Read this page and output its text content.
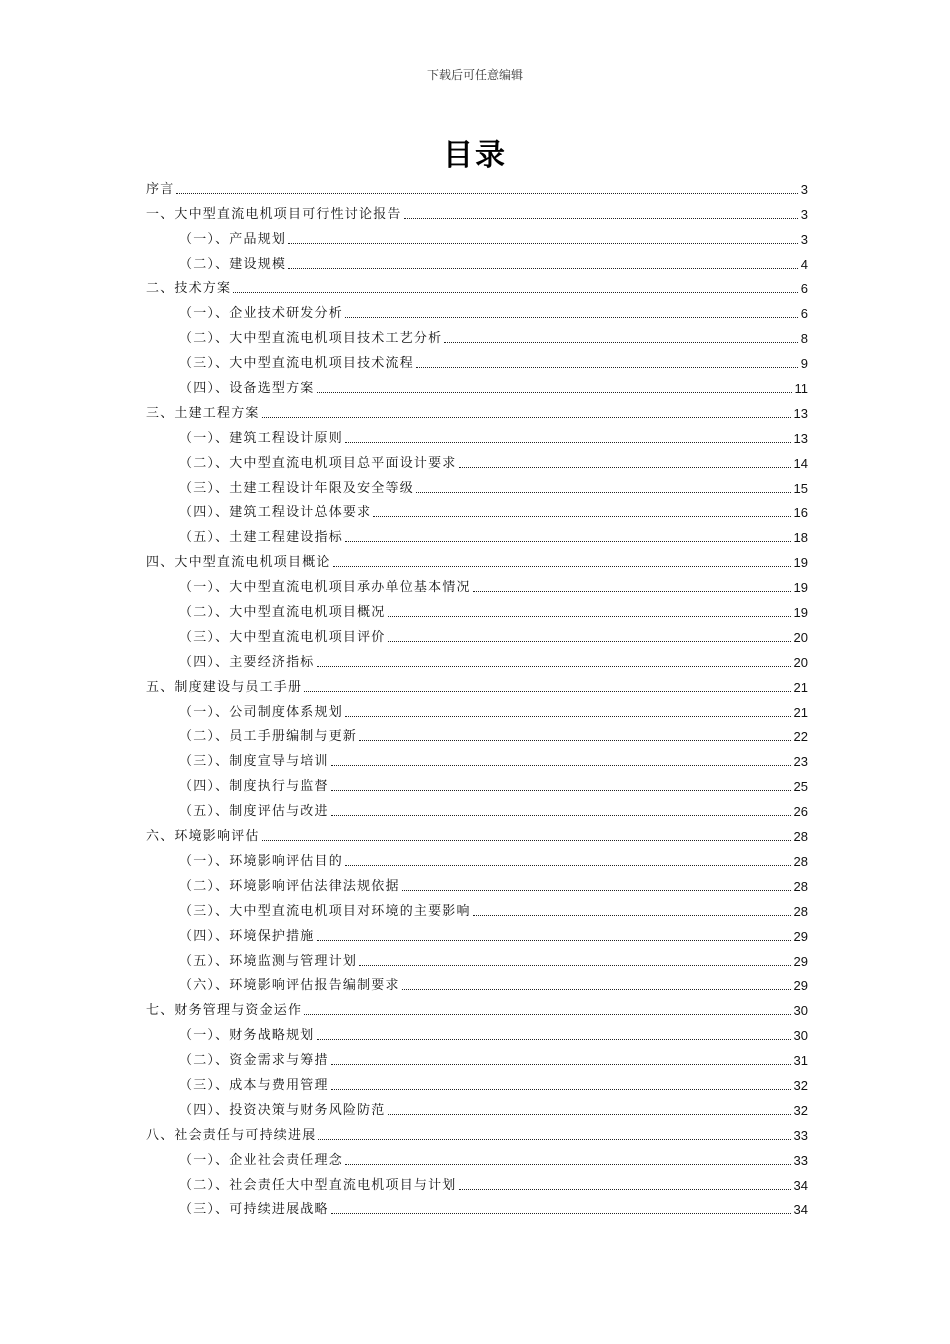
下载后可任意编辑
目录
序言	3
一、大中型直流电机项目可行性讨论报告	3
（一）、产品规划	3
（二）、建设规模	4
二、技术方案	6
（一）、企业技术研发分析	6
（二）、大中型直流电机项目技术工艺分析	8
（三）、大中型直流电机项目技术流程	9
（四）、设备选型方案	11
三、土建工程方案	13
（一）、建筑工程设计原则	13
（二）、大中型直流电机项目总平面设计要求	14
（三）、土建工程设计年限及安全等级	15
（四）、建筑工程设计总体要求	16
（五）、土建工程建设指标	18
四、大中型直流电机项目概论	19
（一）、大中型直流电机项目承办单位基本情况	19
（二）、大中型直流电机项目概况	19
（三）、大中型直流电机项目评价	20
（四）、主要经济指标	20
五、制度建设与员工手册	21
（一）、公司制度体系规划	21
（二）、员工手册编制与更新	22
（三）、制度宣导与培训	23
（四）、制度执行与监督	25
（五）、制度评估与改进	26
六、环境影响评估	28
（一）、环境影响评估目的	28
（二）、环境影响评估法律法规依据	28
（三）、大中型直流电机项目对环境的主要影响	28
（四）、环境保护措施	29
（五）、环境监测与管理计划	29
（六）、环境影响评估报告编制要求	29
七、财务管理与资金运作	30
（一）、财务战略规划	30
（二）、资金需求与筹措	31
（三）、成本与费用管理	32
（四）、投资决策与财务风险防范	32
八、社会责任与可持续进展	33
（一）、企业社会责任理念	33
（二）、社会责任大中型直流电机项目与计划	34
（三）、可持续进展战略	34
